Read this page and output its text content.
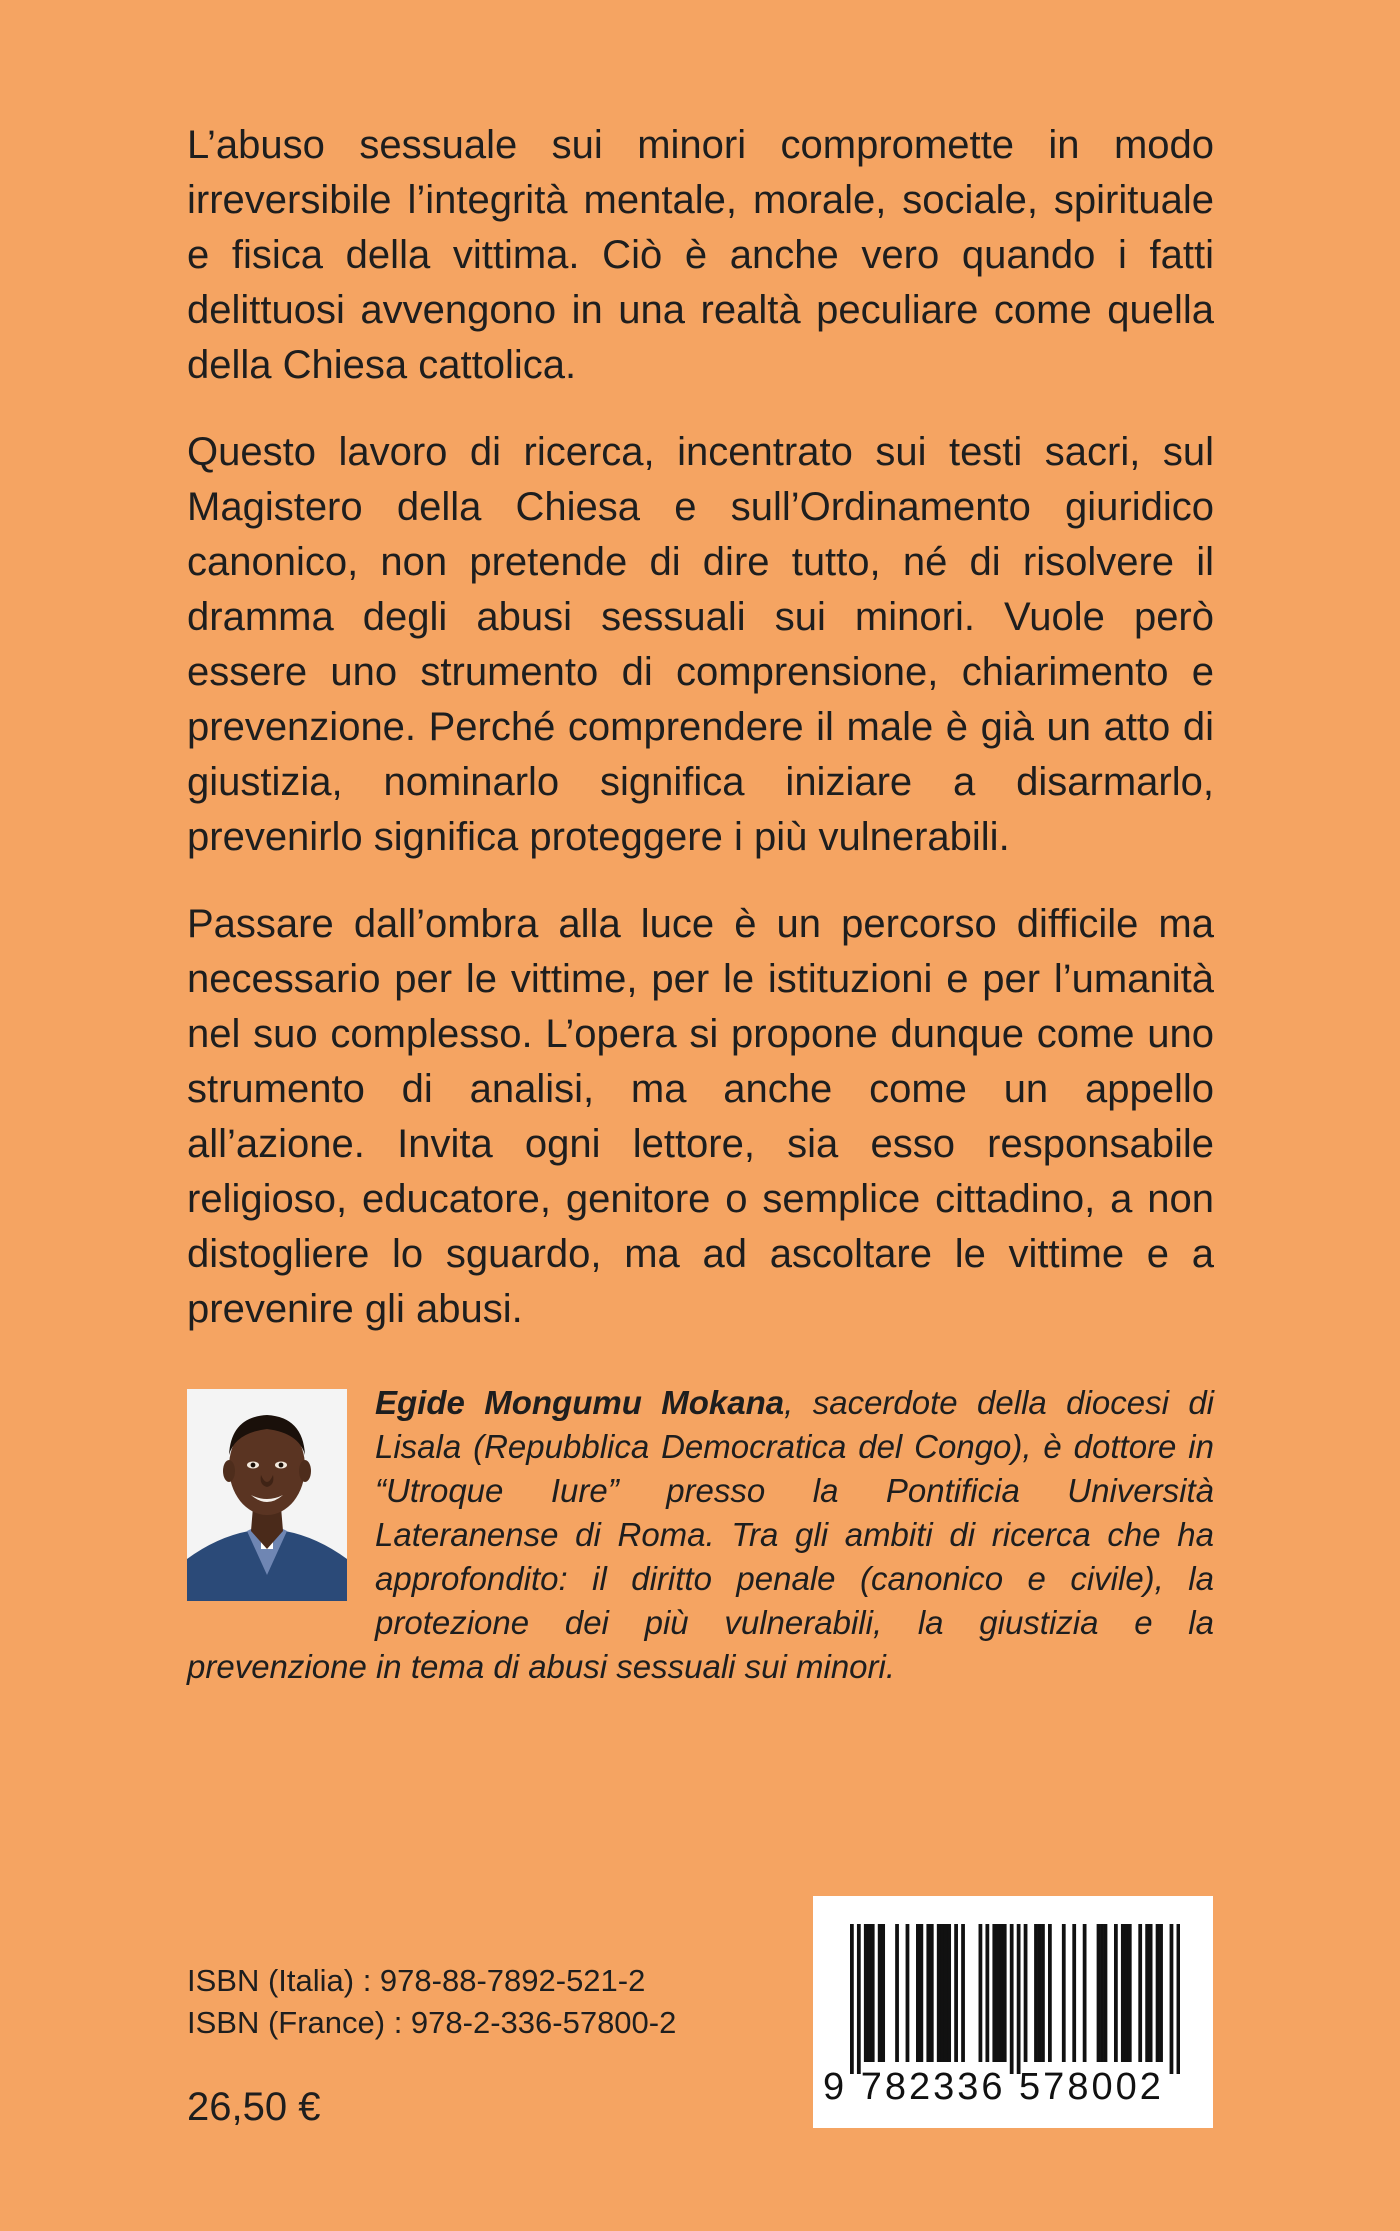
L’abuso sessuale sui minori compromette in modo irreversibile l’integrità mentale, morale, sociale, spirituale e fisica della vittima. Ciò è anche vero quando i fatti delittuosi avvengono in una realtà peculiare come quella della Chiesa cattolica.

Questo lavoro di ricerca, incentrato sui testi sacri, sul Magistero della Chiesa e sull’Ordinamento giuridico canonico, non pretende di dire tutto, né di risolvere il dramma degli abusi sessuali sui minori. Vuole però essere uno strumento di comprensione, chiarimento e prevenzione. Perché comprendere il male è già un atto di giustizia, nominarlo significa iniziare a disarmarlo, prevenirlo significa proteggere i più vulnerabili.

Passare dall’ombra alla luce è un percorso difficile ma necessario per le vittime, per le istituzioni e per l’umanità nel suo complesso. L’opera si propone dunque come uno strumento di analisi, ma anche come un appello all’azione. Invita ogni lettore, sia esso responsabile religioso, educatore, genitore o semplice cittadino, a non distogliere lo sguardo, ma ad ascoltare le vittime e a prevenire gli abusi.

Egide Mongumu Mokana, sacerdote della diocesi di Lisala (Repubblica Democratica del Congo), è dottore in “Utroque Iure” presso la Pontificia Università Lateranense di Roma. Tra gli ambiti di ricerca che ha approfondito: il diritto penale (canonico e civile), la protezione dei più vulnerabili, la giustizia e la prevenzione in tema di abusi sessuali sui minori.
ISBN (Italia) : 978-88-7892-521-2
ISBN (France) : 978-2-336-57800-2
26,50 €	9 782336 578002
